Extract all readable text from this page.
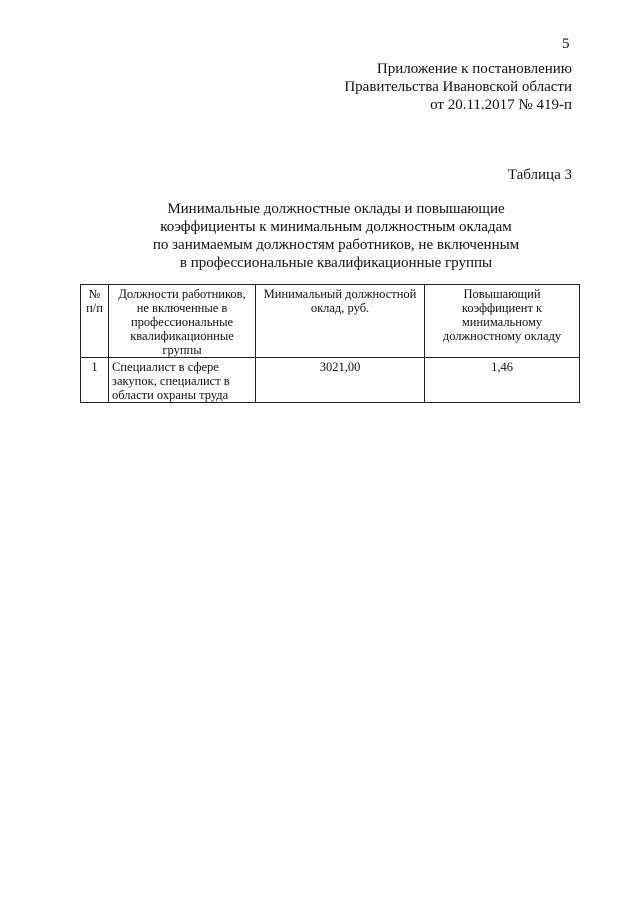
5
Приложение к постановлению
Правительства Ивановской области
от 20.11.2017 № 419-п
Таблица 3
Минимальные должностные оклады и повышающие
коэффициенты к минимальным должностным окладам
по занимаемым должностям работников, не включенным
в профессиональные квалификационные группы
№ п/п	Должности работников, не включенные в профессиональные квалификационные группы	Минимальный должностной оклад, руб.	Повышающий коэффициент к минимальному должностному окладу
1	Специалист в сфере закупок, специалист в области охраны труда	3021,00	1,46
